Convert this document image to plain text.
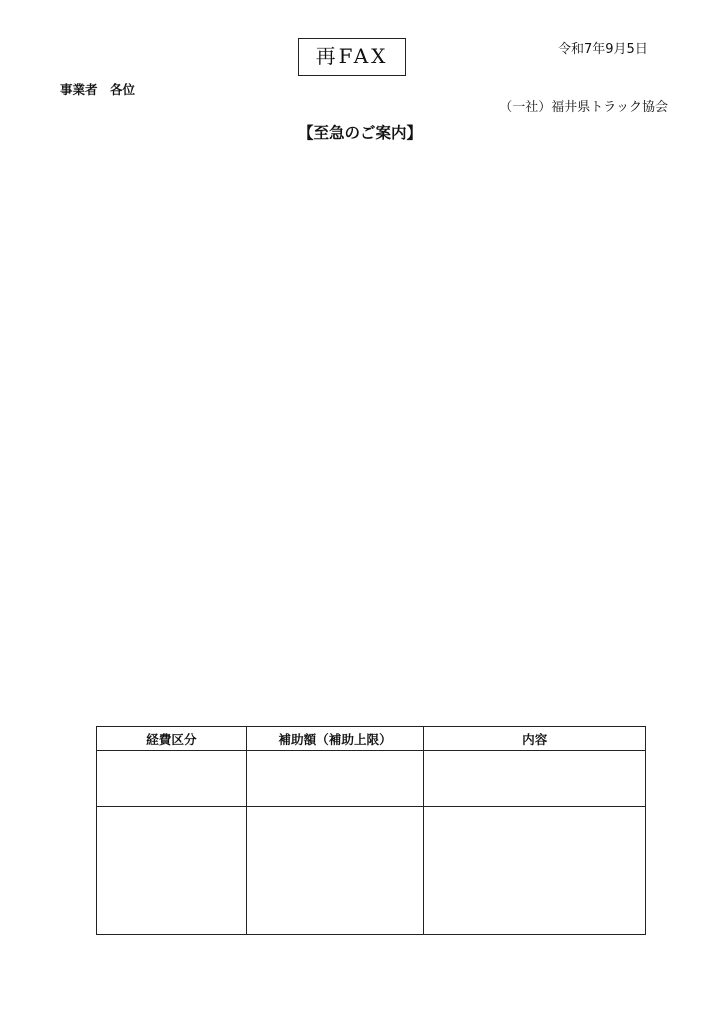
再FAX	令和7年9月5日
事業者　各位
（一社）福井県トラック協会
【至急のご案内】
経費区分	補助額（補助上限）	内容
